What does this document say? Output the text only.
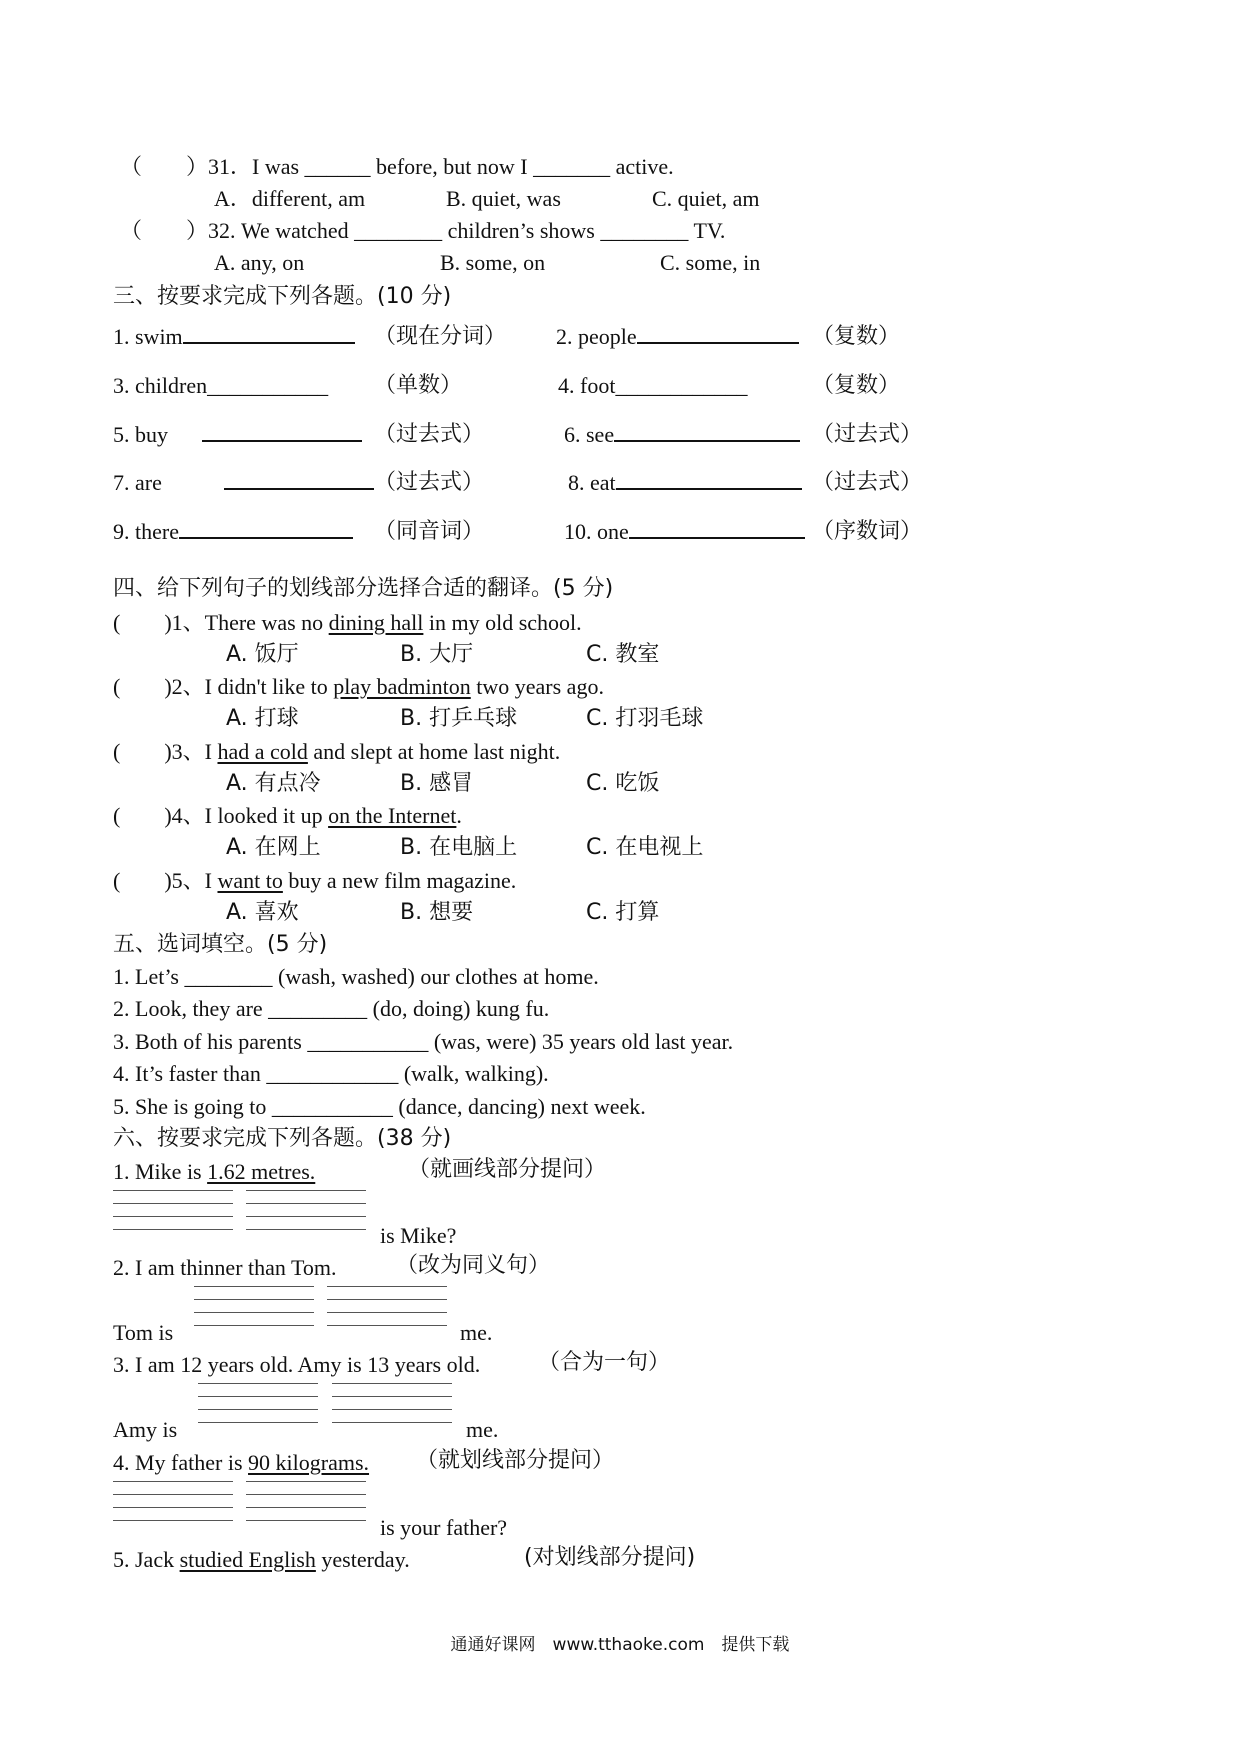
（　　）31．I was ______ before, but now I _______ active.
A．different, am	B. quiet, was	C. quiet, am
（　　）32. We watched ________ children’s shows ________ TV.
A. any, on	B. some, on	C. some, in
三、按要求完成下列各题。(10 分)
1. swim	（现在分词） 2. people	（复数）
3. children___________ （单数）	4. foot____________	（复数）
5. buy	（过去式）	6. see	（过去式）
7. are	（过去式）	8. eat	（过去式）
9. there	（同音词）	10. one	（序数词）
四、给下列句子的划线部分选择合适的翻译。(5 分)
(　　)1、There was no dining hall in my old school.
A. 饭厅	B. 大厅	C. 教室
(　　)2、I didn't like to play badminton two years ago.
A. 打球	B. 打乒乓球	C. 打羽毛球
(　　)3、I had a cold and slept at home last night.
A. 有点冷	B. 感冒	C. 吃饭
(　　)4、I looked it up on the Internet.
A. 在网上	B. 在电脑上	C. 在电视上
(　　)5、I want to buy a new film magazine.
A. 喜欢	B. 想要	C. 打算
五、选词填空。(5 分)
1. Let’s ________ (wash, washed) our clothes at home.
2. Look, they are _________ (do, doing) kung fu.
3. Both of his parents ___________ (was, were) 35 years old last year.
4. It’s faster than ____________ (walk, walking).
5. She is going to ___________ (dance, dancing) next week.
六、按要求完成下列各题。(38 分)
1. Mike is 1.62 metres.	（就画线部分提问）
is Mike?
2. I am thinner than Tom.	（改为同义句）
Tom is	me.
3. I am 12 years old. Amy is 13 years old.	（合为一句）
Amy is	me.
4. My father is 90 kilograms. （就划线部分提问）
is your father?
5. Jack studied English yesterday.	(对划线部分提问)
通通好课网　www.tthaoke.com　提供下载
